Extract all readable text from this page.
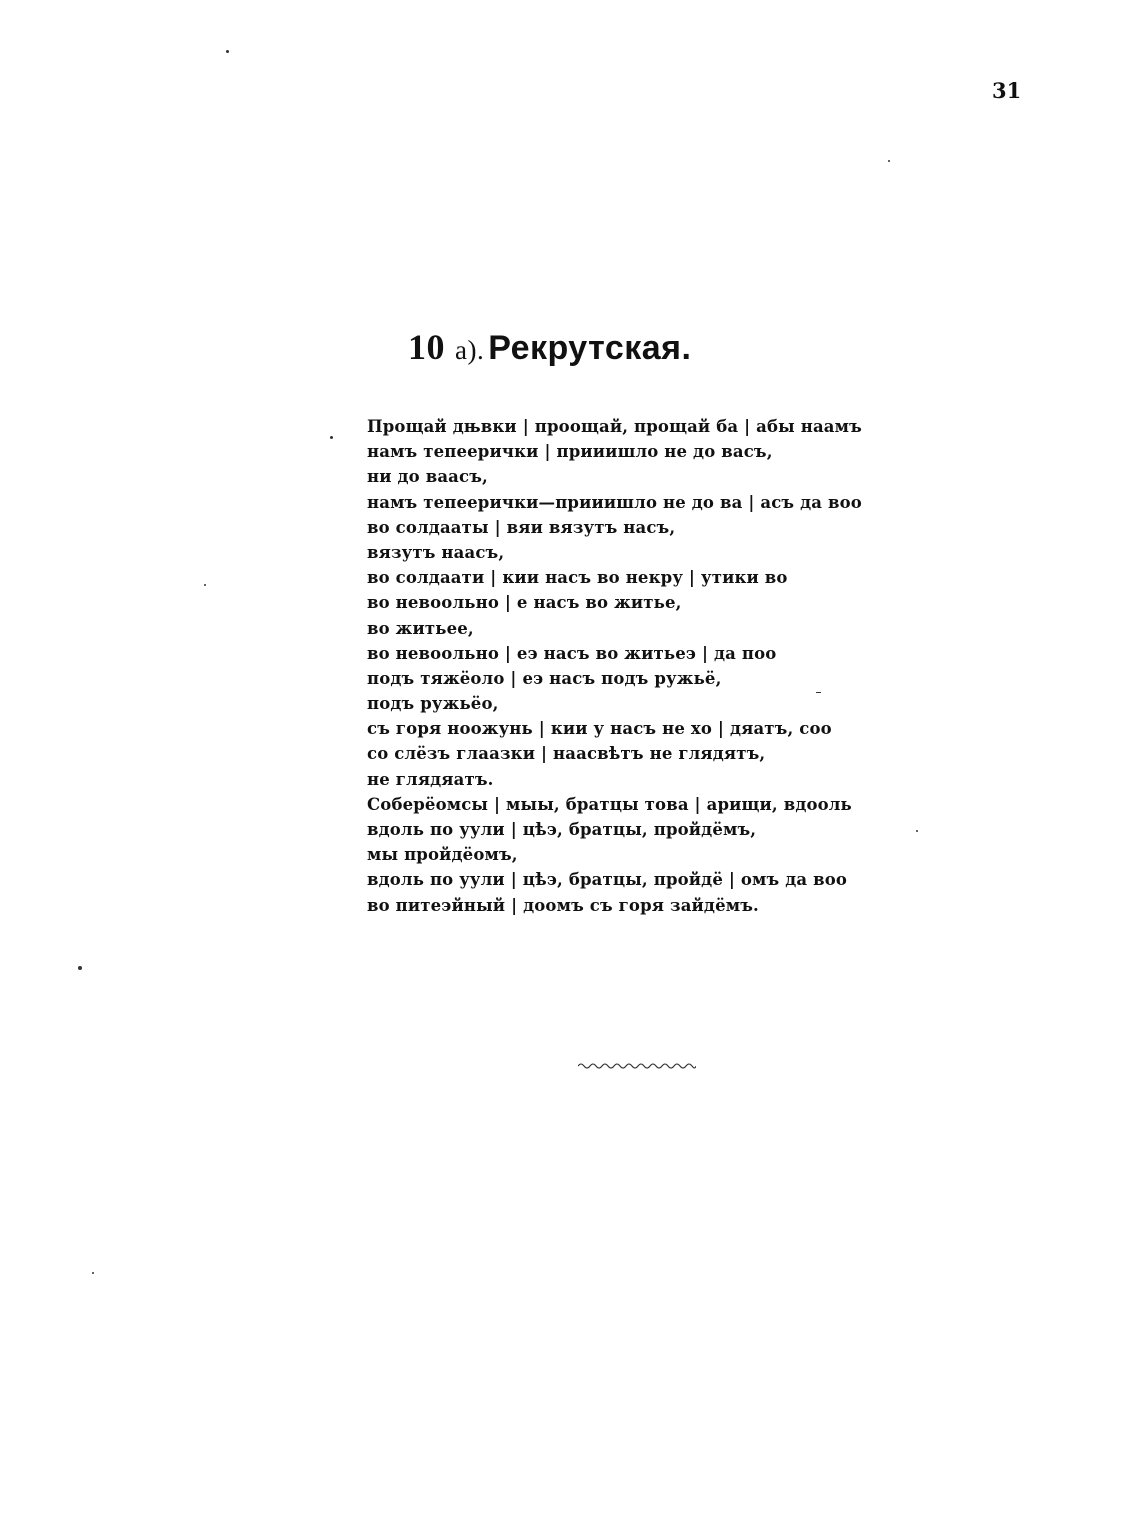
31
10 a). Рекрутская.
Прощай дњвки | проощай, прощай ба | абы наамъ
намъ тепеерички | прииишло не до васъ,
ни до ваасъ,
намъ тепеерички—прииишло не до ва | асъ да воо
во солдааты | вяи вязутъ насъ,
вязутъ наасъ,
во солдаати | кии насъ во некру | утики во
во невоольно | е насъ во житье,
во житьее,
во невоольно | еэ насъ во житьеэ | да поо
подъ тяжёоло | еэ насъ подъ ружьё,
подъ ружьёо,
съ горя ноожунь | кии у насъ не хо | дяатъ, соо
со слёзъ глаазки | наасвѣтъ не глядятъ,
не глядяатъ.
Соберёомсы | мыы, братцы това | арищи, вдооль
вдоль по уули | цѣэ, братцы, пройдёмъ,
мы пройдёомъ,
вдоль по уули | цѣэ, братцы, пройдё | омъ да воо
во питеэйный | доомъ съ горя зайдёмъ.
